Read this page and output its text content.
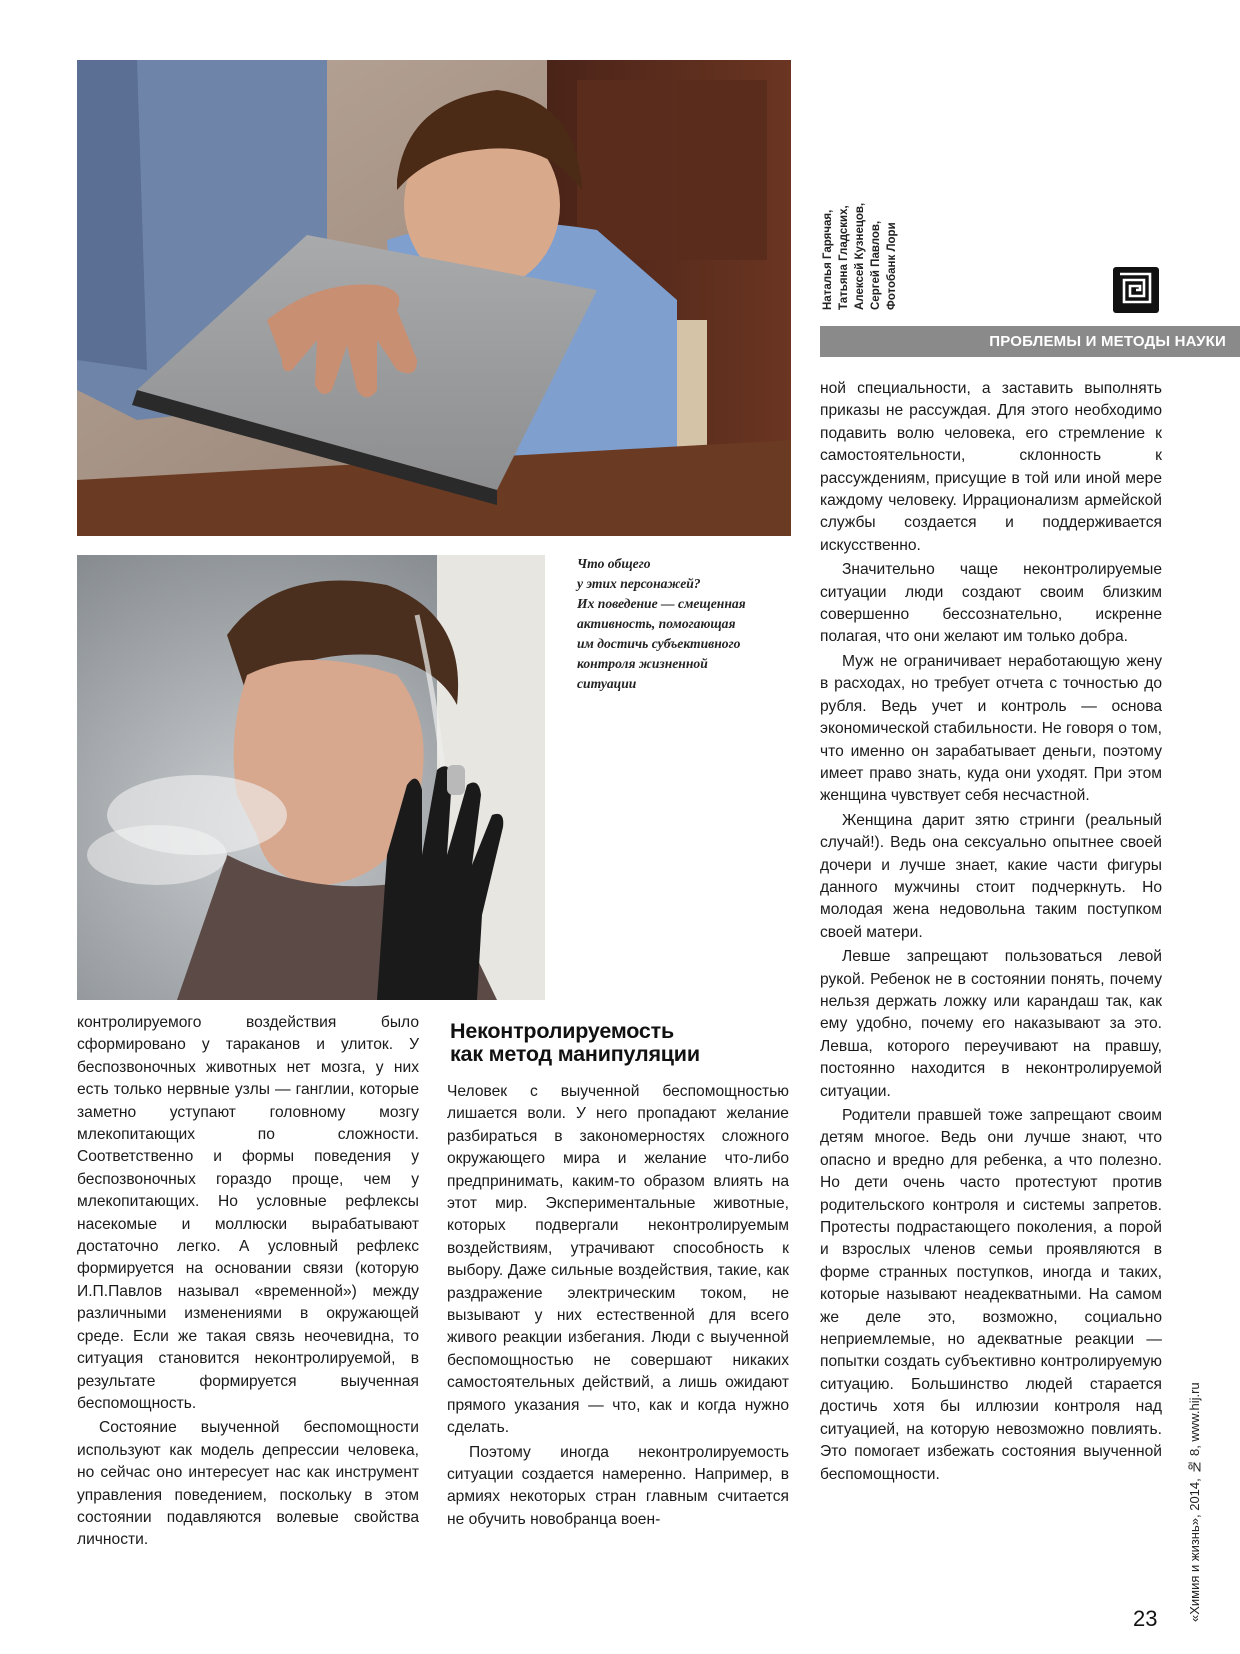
Наталья Гарячая,
Татьяна Гладских,
Алексей Кузнецов,
Сергей Павлов,
Фотобанк Лори
ПРОБЛЕМЫ И МЕТОДЫ НАУКИ
Что общего
у этих персонажей?
Их поведение — смещенная
активность, помогающая
им достичь субъективного
контроля жизненной
ситуации

контролируемого воздействия было сформировано у тараканов и улиток. У беспозвоночных животных нет мозга, у них есть только нервные узлы — ганглии, которые заметно уступают головному мозгу млекопитающих по сложности. Соответственно и формы поведения у беспозвоночных гораздо проще, чем у млекопитающих. Но условные рефлексы насекомые и моллюски вырабатывают достаточно легко. А условный рефлекс формируется на основании связи (которую И.П.Павлов называл «временной») между различными изменениями в окружающей среде. Если же такая связь неочевидна, то ситуация становится неконтролируемой, в результате формируется выученная беспомощность.

Состояние выученной беспомощности используют как модель депрессии человека, но сейчас оно интересует нас как инструмент управления поведением, поскольку в этом состоянии подавляются волевые свойства личности.

Неконтролируемость
как метод манипуляции

Человек с выученной беспомощностью лишается воли. У него пропадают желание разбираться в закономерностях сложного окружающего мира и желание что-либо предпринимать, каким-то образом влиять на этот мир. Экспериментальные животные, которых подвергали неконтролируемым воздействиям, утрачивают способность к выбору. Даже сильные воздействия, такие, как раздражение электрическим током, не вызывают у них естественной для всего живого реакции избегания. Люди с выученной беспомощностью не совершают никаких самостоятельных действий, а лишь ожидают прямого указания — что, как и когда нужно сделать.

Поэтому иногда неконтролируемость ситуации создается намеренно. Например, в армиях некоторых стран главным считается не обучить новобранца воен-

ной специальности, а заставить выполнять приказы не рассуждая. Для этого необходимо подавить волю человека, его стремление к самостоятельности, склонность к рассуждениям, присущие в той или иной мере каждому человеку. Иррационализм армейской службы создается и поддерживается искусственно.

Значительно чаще неконтролируемые ситуации люди создают своим близким совершенно бессознательно, искренне полагая, что они желают им только добра.

Муж не ограничивает неработающую жену в расходах, но требует отчета с точностью до рубля. Ведь учет и контроль — основа экономической стабильности. Не говоря о том, что именно он зарабатывает деньги, поэтому имеет право знать, куда они уходят. При этом женщина чувствует себя несчастной.

Женщина дарит зятю стринги (реальный случай!). Ведь она сексуально опытнее своей дочери и лучше знает, какие части фигуры данного мужчины стоит подчеркнуть. Но молодая жена недовольна таким поступком своей матери.

Левше запрещают пользоваться левой рукой. Ребенок не в состоянии понять, почему нельзя держать ложку или карандаш так, как ему удобно, почему его наказывают за это. Левша, которого переучивают на правшу, постоянно находится в неконтролируемой ситуации.

Родители правшей тоже запрещают своим детям многое. Ведь они лучше знают, что опасно и вредно для ребенка, а что полезно. Но дети очень часто протестуют против родительского контроля и системы запретов. Протесты подрастающего поколения, а порой и взрослых членов семьи проявляются в форме странных поступков, иногда и таких, которые называют неадекватными. На самом же деле это, возможно, социально неприемлемые, но адекватные реакции — попытки создать субъективно контролируемую ситуацию. Большинство людей старается достичь хотя бы иллюзии контроля над ситуацией, на которую невозможно повлиять. Это помогает избежать состояния выученной беспомощности.	«Химия и жизнь», 2014, № 8, www.hij.ru
23
